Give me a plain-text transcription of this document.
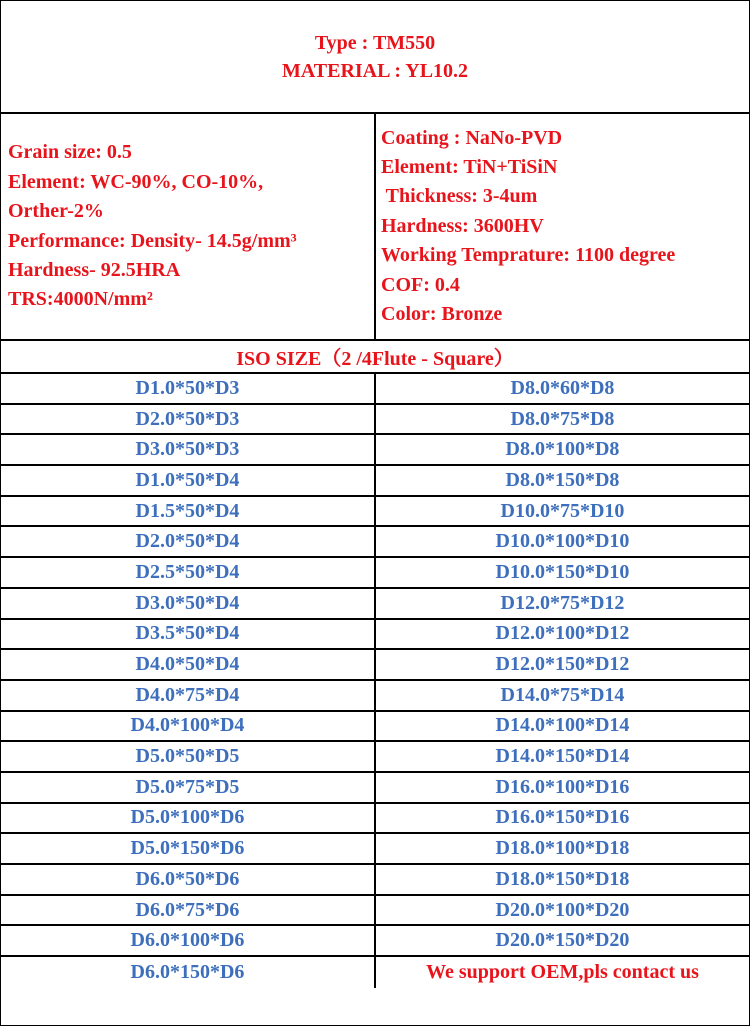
Type : TM550
MATERIAL : YL10.2
Grain size: 0.5
Element: WC-90%, CO-10%,
Orther-2%
Performance: Density- 14.5g/mm³
Hardness- 92.5HRA
TRS:4000N/mm²
Coating : NaNo-PVD
Element: TiN+TiSiN
Thickness: 3-4um
Hardness: 3600HV
Working Temprature: 1100 degree
COF: 0.4
Color: Bronze
ISO SIZE（2 /4Flute - Square）
D1.0*50*D3	D8.0*60*D8
D2.0*50*D3	D8.0*75*D8
D3.0*50*D3	D8.0*100*D8
D1.0*50*D4	D8.0*150*D8
D1.5*50*D4	D10.0*75*D10
D2.0*50*D4	D10.0*100*D10
D2.5*50*D4	D10.0*150*D10
D3.0*50*D4	D12.0*75*D12
D3.5*50*D4	D12.0*100*D12
D4.0*50*D4	D12.0*150*D12
D4.0*75*D4	D14.0*75*D14
D4.0*100*D4	D14.0*100*D14
D5.0*50*D5	D14.0*150*D14
D5.0*75*D5	D16.0*100*D16
D5.0*100*D6	D16.0*150*D16
D5.0*150*D6	D18.0*100*D18
D6.0*50*D6	D18.0*150*D18
D6.0*75*D6	D20.0*100*D20
D6.0*100*D6	D20.0*150*D20
D6.0*150*D6	We support OEM,pls contact us
